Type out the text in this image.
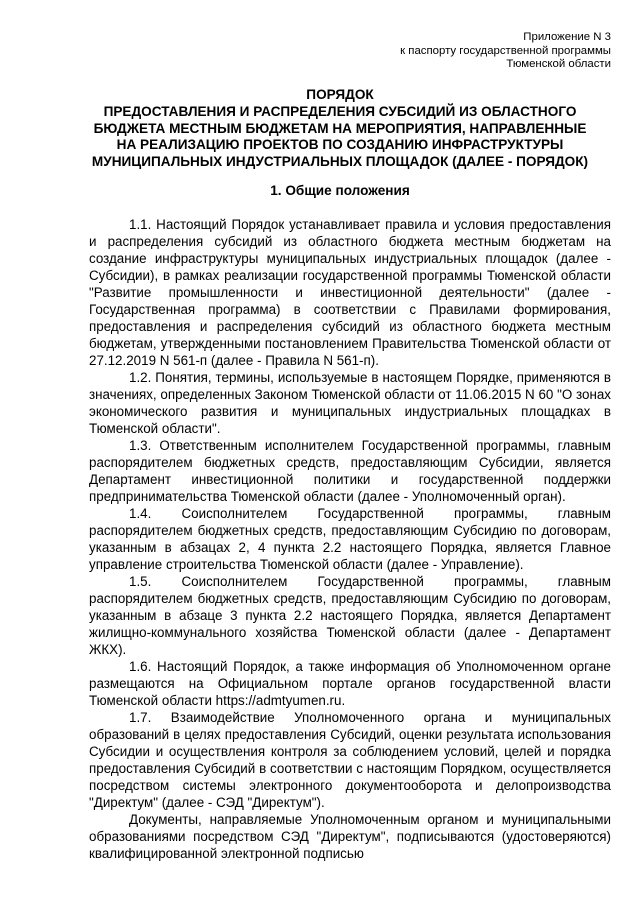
Приложение N 3
к паспорту государственной программы
Тюменской области
ПОРЯДОК
ПРЕДОСТАВЛЕНИЯ И РАСПРЕДЕЛЕНИЯ СУБСИДИЙ ИЗ ОБЛАСТНОГО
БЮДЖЕТА МЕСТНЫМ БЮДЖЕТАМ НА МЕРОПРИЯТИЯ, НАПРАВЛЕННЫЕ
НА РЕАЛИЗАЦИЮ ПРОЕКТОВ ПО СОЗДАНИЮ ИНФРАСТРУКТУРЫ
МУНИЦИПАЛЬНЫХ ИНДУСТРИАЛЬНЫХ ПЛОЩАДОК (ДАЛЕЕ - ПОРЯДОК)
1. Общие положения

1.1. Настоящий Порядок устанавливает правила и условия предоставления и распределения субсидий из областного бюджета местным бюджетам на создание инфраструктуры муниципальных индустриальных площадок (далее - Субсидии), в рамках реализации государственной программы Тюменской области "Развитие промышленности и инвестиционной деятельности" (далее - Государственная программа) в соответствии с Правилами формирования, предоставления и распределения субсидий из областного бюджета местным бюджетам, утвержденными постановлением Правительства Тюменской области от 27.12.2019 N 561-п (далее - Правила N 561-п).

1.2. Понятия, термины, используемые в настоящем Порядке, применяются в значениях, определенных Законом Тюменской области от 11.06.2015 N 60 "О зонах экономического развития и муниципальных индустриальных площадках в Тюменской области".

1.3. Ответственным исполнителем Государственной программы, главным распорядителем бюджетных средств, предоставляющим Субсидии, является Департамент инвестиционной политики и государственной поддержки предпринимательства Тюменской области (далее - Уполномоченный орган).

1.4. Соисполнителем Государственной программы, главным распорядителем бюджетных средств, предоставляющим Субсидию по договорам, указанным в абзацах 2, 4 пункта 2.2 настоящего Порядка, является Главное управление строительства Тюменской области (далее - Управление).

1.5. Соисполнителем Государственной программы, главным распорядителем бюджетных средств, предоставляющим Субсидию по договорам, указанным в абзаце 3 пункта 2.2 настоящего Порядка, является Департамент жилищно-коммунального хозяйства Тюменской области (далее - Департамент ЖКХ).

1.6. Настоящий Порядок, а также информация об Уполномоченном органе размещаются на Официальном портале органов государственной власти Тюменской области https://admtyumen.ru.

1.7. Взаимодействие Уполномоченного органа и муниципальных образований в целях предоставления Субсидий, оценки результата использования Субсидии и осуществления контроля за соблюдением условий, целей и порядка предоставления Субсидий в соответствии с настоящим Порядком, осуществляется посредством системы электронного документооборота и делопроизводства "Директум" (далее - СЭД "Директум").

Документы, направляемые Уполномоченным органом и муниципальными образованиями посредством СЭД "Директум", подписываются (удостоверяются) квалифицированной электронной подписью
